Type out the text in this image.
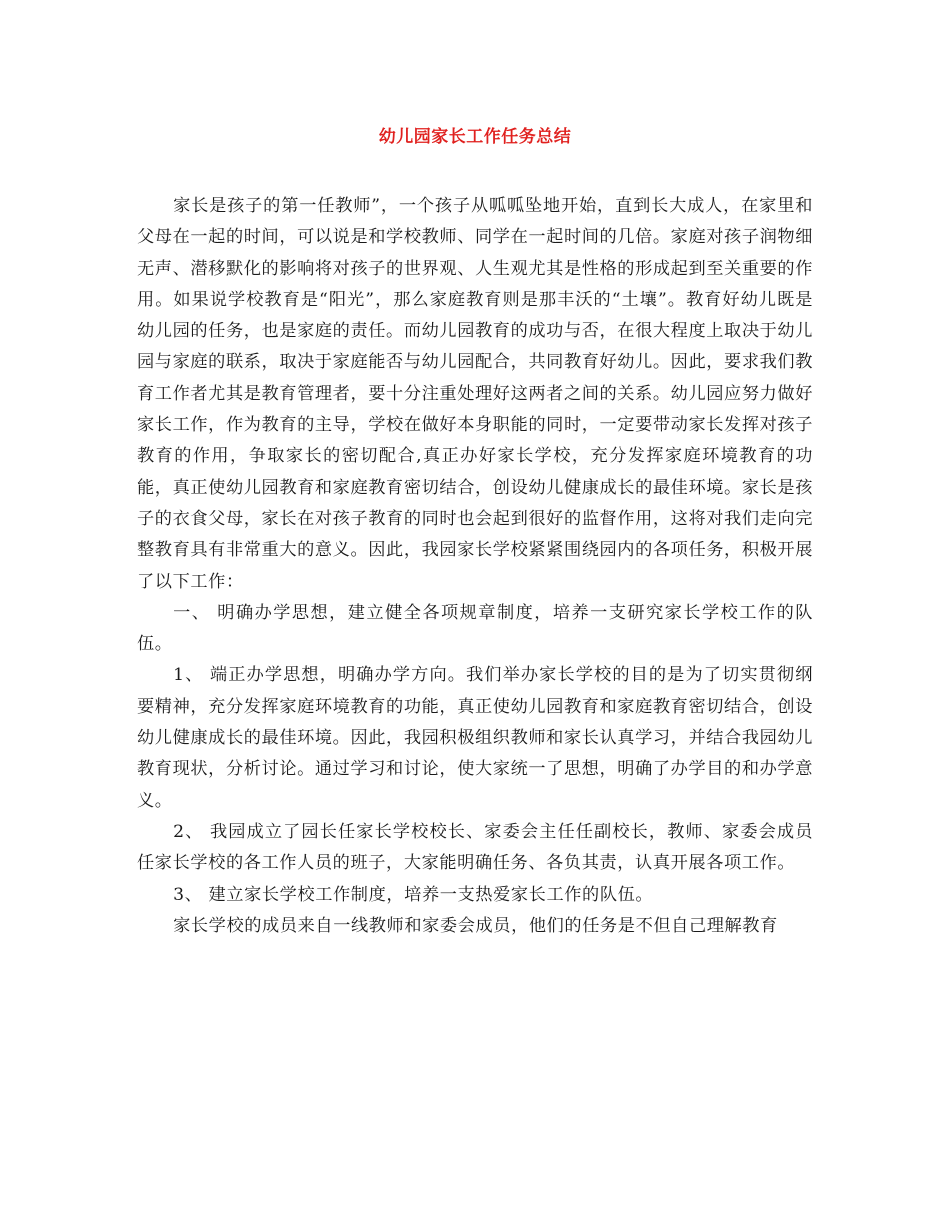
幼儿园家长工作任务总结

家长是孩子的第一任教师”，一个孩子从呱呱坠地开始，直到长大成人，在家里和父母在一起的时间，可以说是和学校教师、同学在一起时间的几倍。家庭对孩子润物细无声、潜移默化的影响将对孩子的世界观、人生观尤其是性格的形成起到至关重要的作用。如果说学校教育是“阳光”，那么家庭教育则是那丰沃的“土壤”。教育好幼儿既是幼儿园的任务，也是家庭的责任。而幼儿园教育的成功与否，在很大程度上取决于幼儿园与家庭的联系，取决于家庭能否与幼儿园配合，共同教育好幼儿。因此，要求我们教育工作者尤其是教育管理者，要十分注重处理好这两者之间的关系。幼儿园应努力做好家长工作，作为教育的主导，学校在做好本身职能的同时，一定要带动家长发挥对孩子教育的作用，争取家长的密切配合,真正办好家长学校，充分发挥家庭环境教育的功能，真正使幼儿园教育和家庭教育密切结合，创设幼儿健康成长的最佳环境。家长是孩子的衣食父母，家长在对孩子教育的同时也会起到很好的监督作用，这将对我们走向完整教育具有非常重大的意义。因此，我园家长学校紧紧围绕园内的各项任务，积极开展了以下工作：

一、 明确办学思想，建立健全各项规章制度，培养一支研究家长学校工作的队伍。

1、 端正办学思想，明确办学方向。我们举办家长学校的目的是为了切实贯彻纲要精神，充分发挥家庭环境教育的功能，真正使幼儿园教育和家庭教育密切结合，创设幼儿健康成长的最佳环境。因此，我园积极组织教师和家长认真学习，并结合我园幼儿教育现状，分析讨论。通过学习和讨论，使大家统一了思想，明确了办学目的和办学意义。

2、 我园成立了园长任家长学校校长、家委会主任任副校长，教师、家委会成员任家长学校的各工作人员的班子，大家能明确任务、各负其责，认真开展各项工作。

3、 建立家长学校工作制度，培养一支热爱家长工作的队伍。

家长学校的成员来自一线教师和家委会成员，他们的任务是不但自己理解教育
